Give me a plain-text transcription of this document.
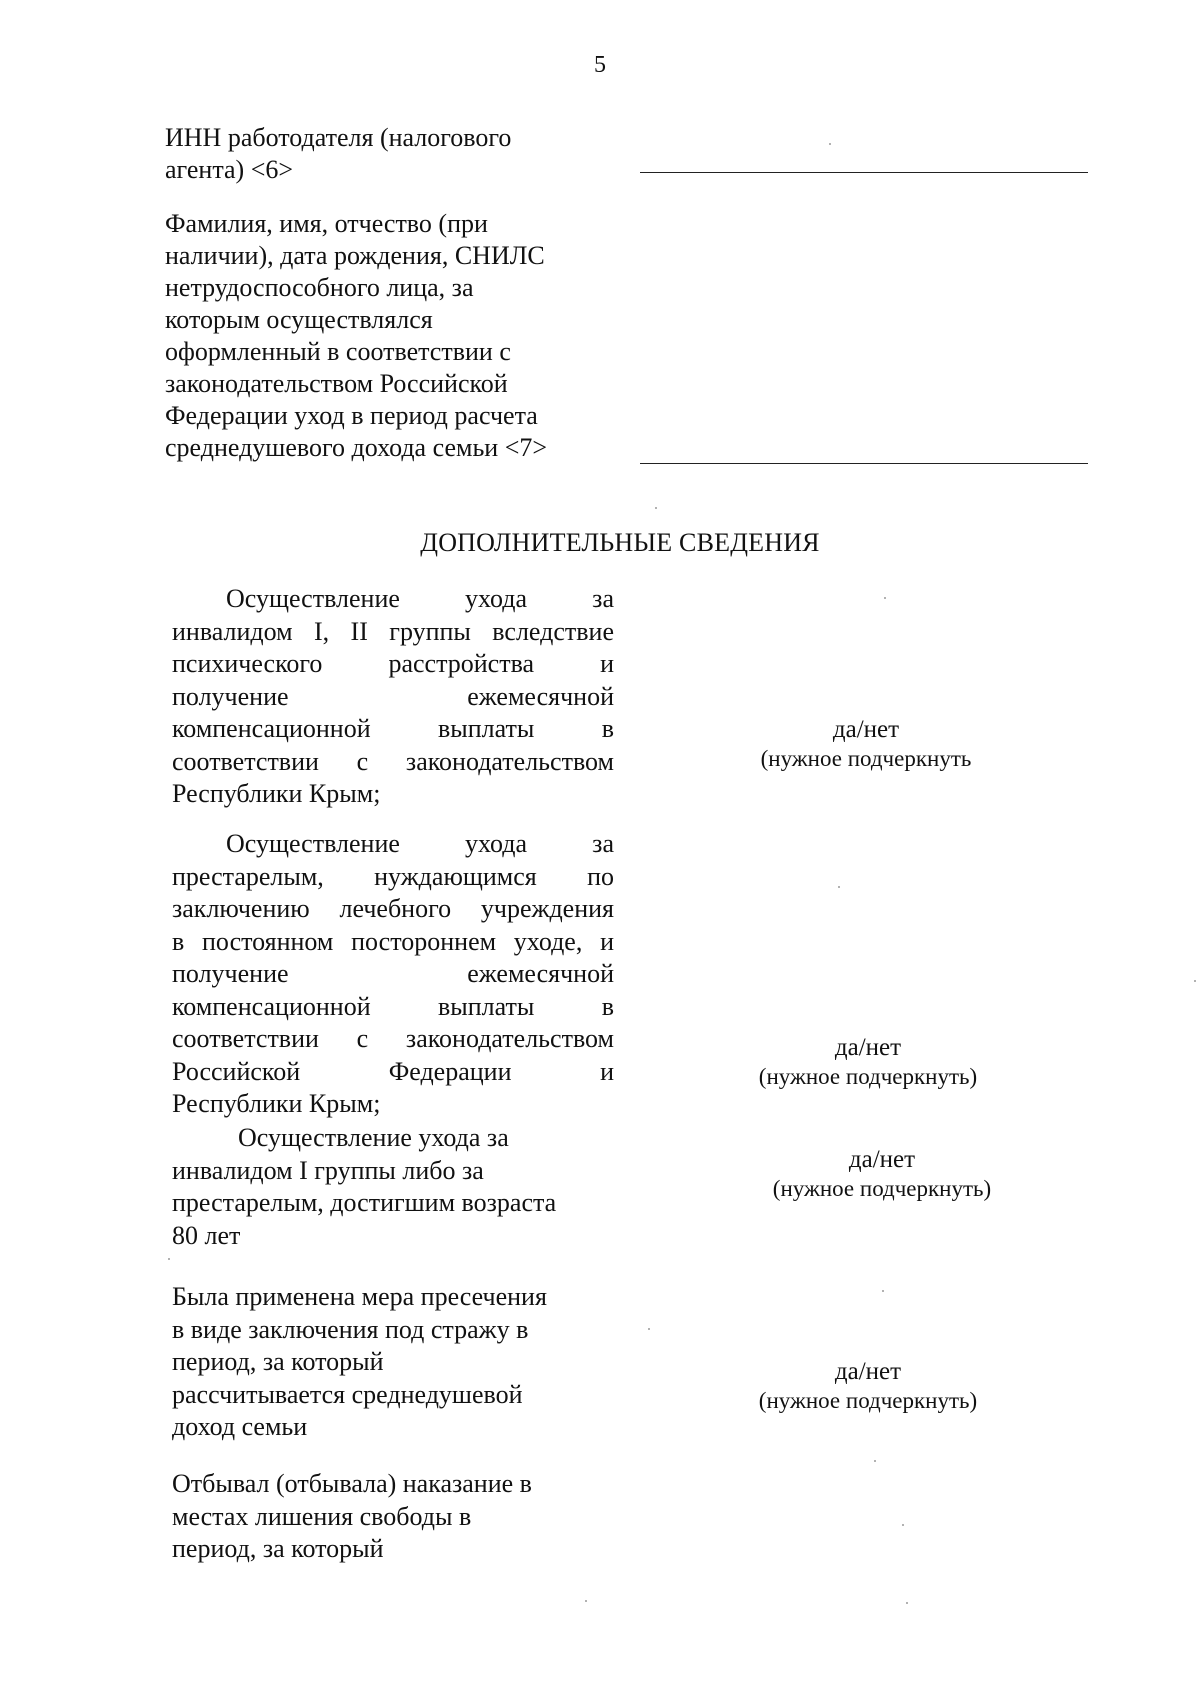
5
ИНН работодателя (налогового
агента) <6>
Фамилия, имя, отчество (при
наличии), дата рождения, СНИЛС
нетрудоспособного лица, за
которым осуществлялся
оформленный в соответствии с
законодательством Российской
Федерации уход в период расчета
среднедушевого дохода семьи <7>
ДОПОЛНИТЕЛЬНЫЕ СВЕДЕНИЯ
Осуществление ухода за
инвалидом I, II группы вследствие
психического расстройства и
получение ежемесячной
компенсационной выплаты в
соответствии с законодательством
Республики Крым;
да/нет
(нужное подчеркнуть
Осуществление ухода за
престарелым, нуждающимся по
заключению лечебного учреждения
в постоянном постороннем уходе, и
получение ежемесячной
компенсационной выплаты в
соответствии с законодательством
Российской Федерации и
Республики Крым;
да/нет
(нужное подчеркнуть)
Осуществление ухода за
инвалидом I группы либо за
престарелым, достигшим возраста
80 лет
да/нет
(нужное подчеркнуть)
Была применена мера пресечения
в виде заключения под стражу в
период, за который
рассчитывается среднедушевой
доход семьи
да/нет
(нужное подчеркнуть)
Отбывал (отбывала) наказание в
местах лишения свободы в
период, за который
